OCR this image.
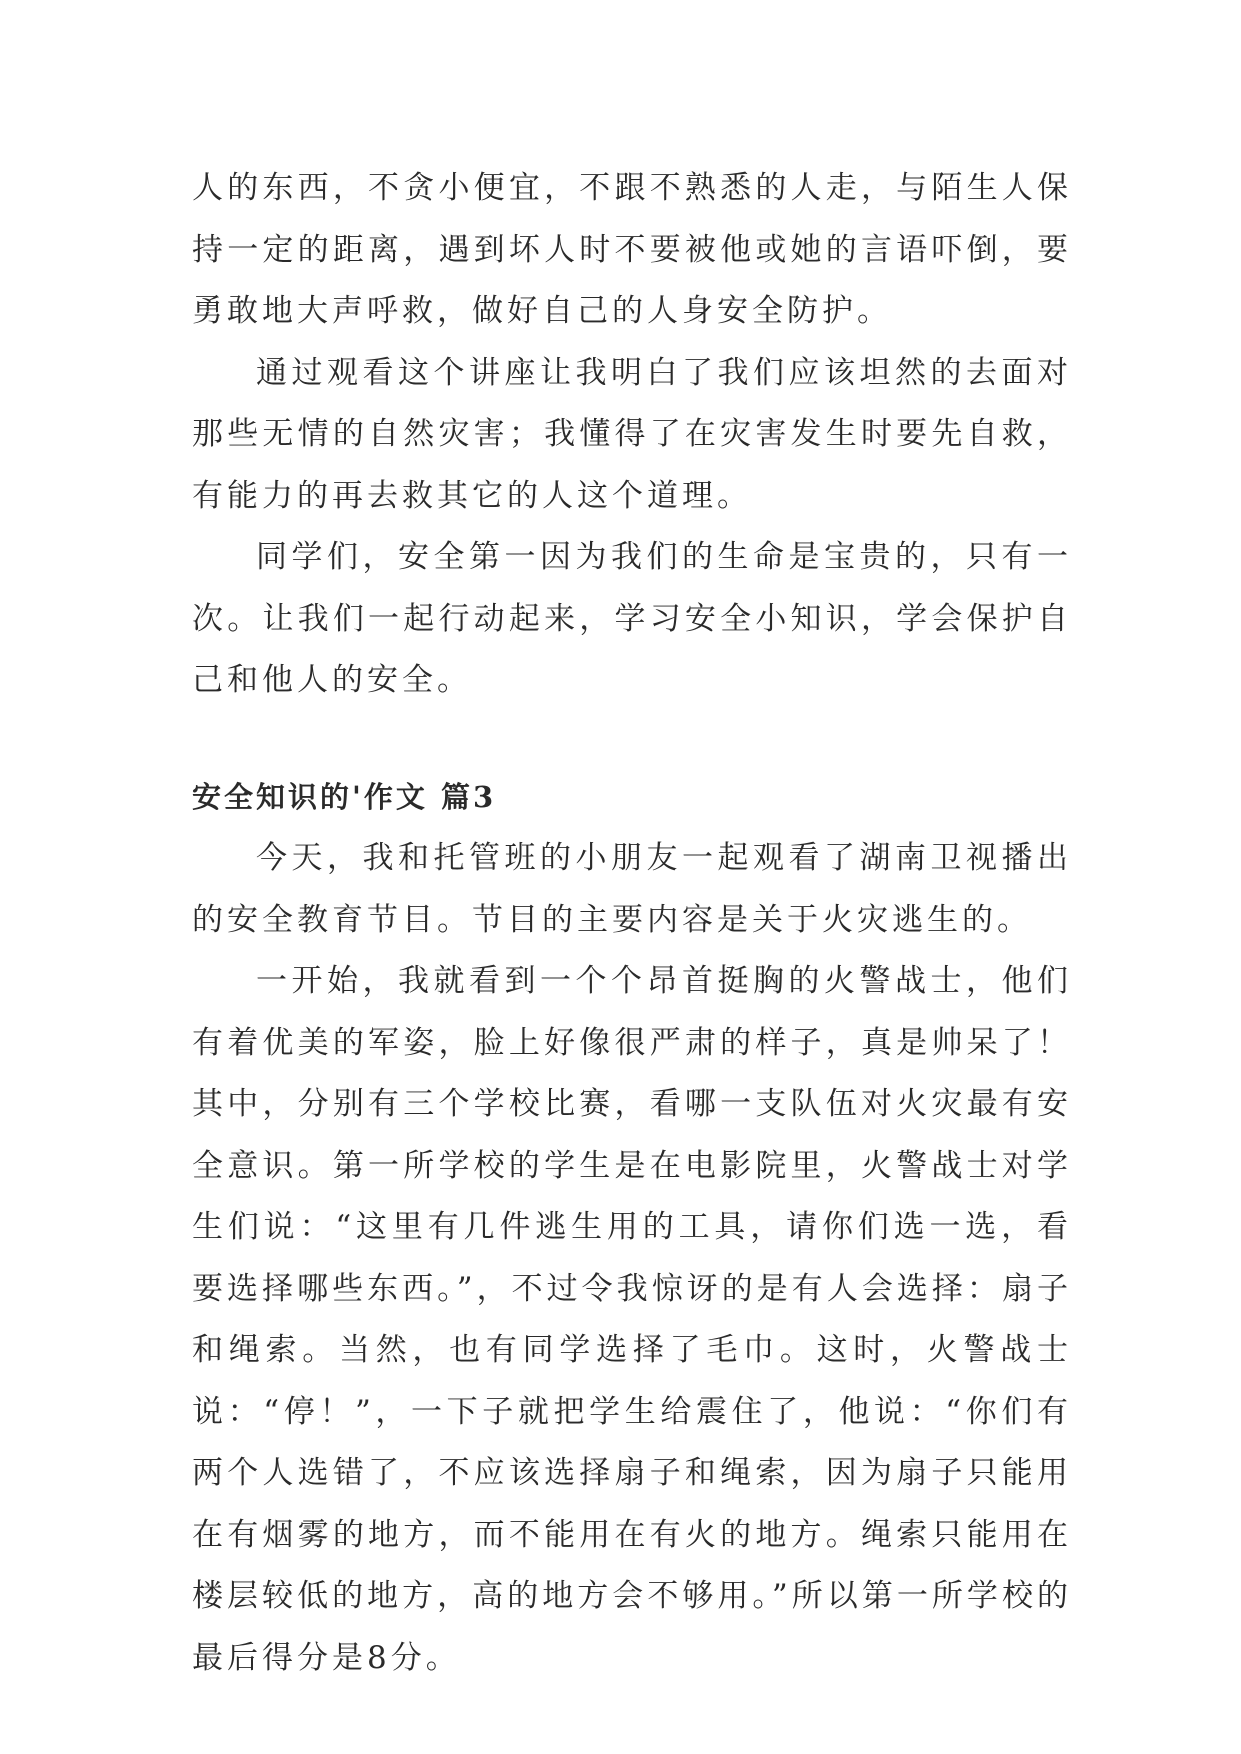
人的东西，不贪小便宜，不跟不熟悉的人走，与陌生人保持一定的距离，遇到坏人时不要被他或她的言语吓倒，要勇敢地大声呼救，做好自己的人身安全防护。

通过观看这个讲座让我明白了我们应该坦然的去面对那些无情的自然灾害；我懂得了在灾害发生时要先自救，有能力的再去救其它的人这个道理。

同学们，安全第一因为我们的生命是宝贵的，只有一次。让我们一起行动起来，学习安全小知识，学会保护自己和他人的安全。

安全知识的'作文 篇3

今天，我和托管班的小朋友一起观看了湖南卫视播出的安全教育节目。节目的主要内容是关于火灾逃生的。

一开始，我就看到一个个昂首挺胸的火警战士，他们有着优美的军姿，脸上好像很严肃的样子，真是帅呆了！其中，分别有三个学校比赛，看哪一支队伍对火灾最有安全意识。第一所学校的学生是在电影院里，火警战士对学生们说：“这里有几件逃生用的工具，请你们选一选，看要选择哪些东西。”，不过令我惊讶的是有人会选择：扇子和绳索。当然，也有同学选择了毛巾。这时，火警战士说：“停！”，一下子就把学生给震住了，他说：“你们有两个人选错了，不应该选择扇子和绳索，因为扇子只能用在有烟雾的地方，而不能用在有火的地方。绳索只能用在楼层较低的地方，高的地方会不够用。”所以第一所学校的最后得分是8分。
